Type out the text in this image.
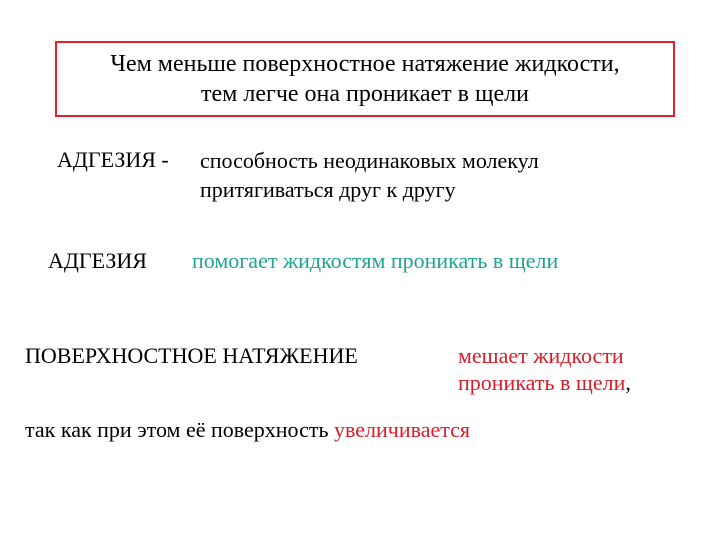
Чем меньше поверхностное натяжение жидкости,
тем легче она проникает в щели
АДГЕЗИЯ - способность неодинаковых молекул
притягиваться друг к другу
АДГЕЗИЯ помогает жидкостям проникать в щели
ПОВЕРХНОСТНОЕ НАТЯЖЕНИЕ	мешает жидкости
проникать в щели,
так как при этом её поверхность увеличивается
